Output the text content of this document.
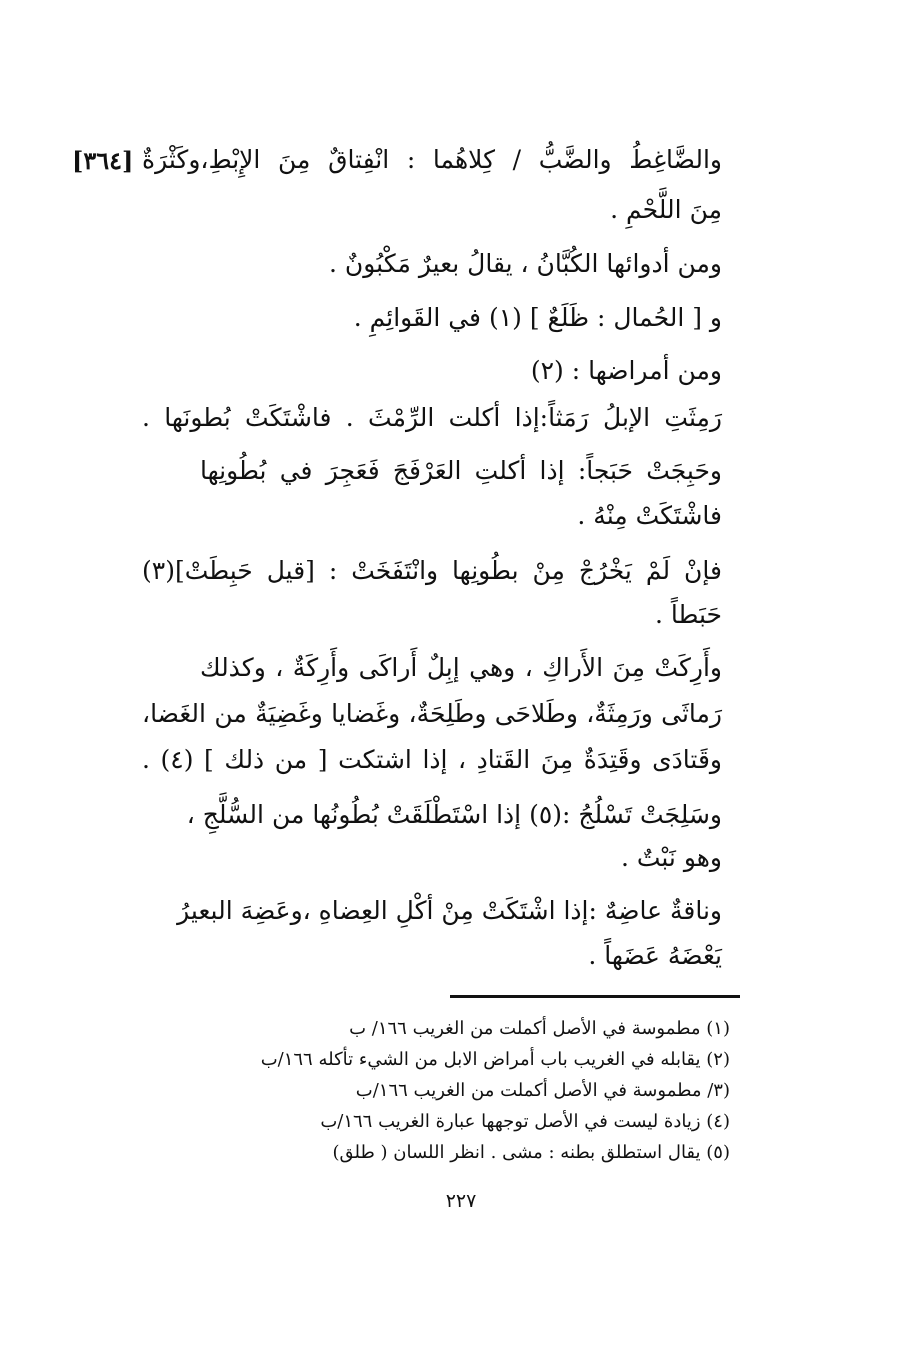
[٣٦٤] والضَّاغِطُ والضَّبُّ / كِلاهُما : انْفِتاقٌ مِنَ الإِبْطِ،وكَثْرَةٌ
مِنَ اللَّحْمِ .
ومن أدوائها الكُبَّانُ ، يقالُ بعيرٌ مَكْبُونٌ .
و [ الحُمال : ظَلَعٌ ] (١) في القَوائِمِ .
ومن أمراضها : (٢)
رَمِثَتِ الإبلُ رَمَثاً:إذا أكلت الرِّمْثَ . فاشْتَكَتْ بُطونَها .
وحَبِجَتْ حَبَجاً: إذا أكلتِ العَرْفَجَ فَعَجِرَ في بُطُونِها
فاشْتَكَتْ مِنْهُ .
فإنْ لَمْ يَخْرُجْ مِنْ بطُونِها وانْتَفَخَتْ : [قيل حَبِطَتْ](٣)
حَبَطاً .
وأَرِكَتْ مِنَ الأَراكِ ، وهي إبِلٌ أَراكَى وأَرِكَةٌ ، وكذلك
رَماثَى ورَمِثَةٌ، وطَلاحَى وطَلِحَةٌ، وغَضايا وغَضِيَةٌ من الغَضا،
وقَتادَى وقَتِدَةٌ مِنَ القَتادِ ، إذا اشتكت [ من ذلك ] (٤) .
وسَلِجَتْ تَسْلُجُ :(٥) إذا اسْتَطْلَقَتْ بُطُونُها من السُّلَّجِ ،
وهو نَبْتٌ .
وناقةٌ عاضِهٌ :إذا اشْتَكَتْ مِنْ أكْلِ العِضاهِ ،وعَضِهَ البعيرُ
يَعْضَهُ عَضَهاً .
(١) مطموسة في الأصل أكملت من الغريب ١٦٦/ ب
(٢) يقابله في الغريب باب أمراض الابل من الشيء تأكله ١٦٦/ب
(٣/ مطموسة في الأصل أكملت من الغريب ١٦٦/ب
(٤) زيادة ليست في الأصل توجهها عبارة الغريب ١٦٦/ب
(٥) يقال استطلق بطنه : مشى . انظر اللسان ( طلق)
٢٢٧
